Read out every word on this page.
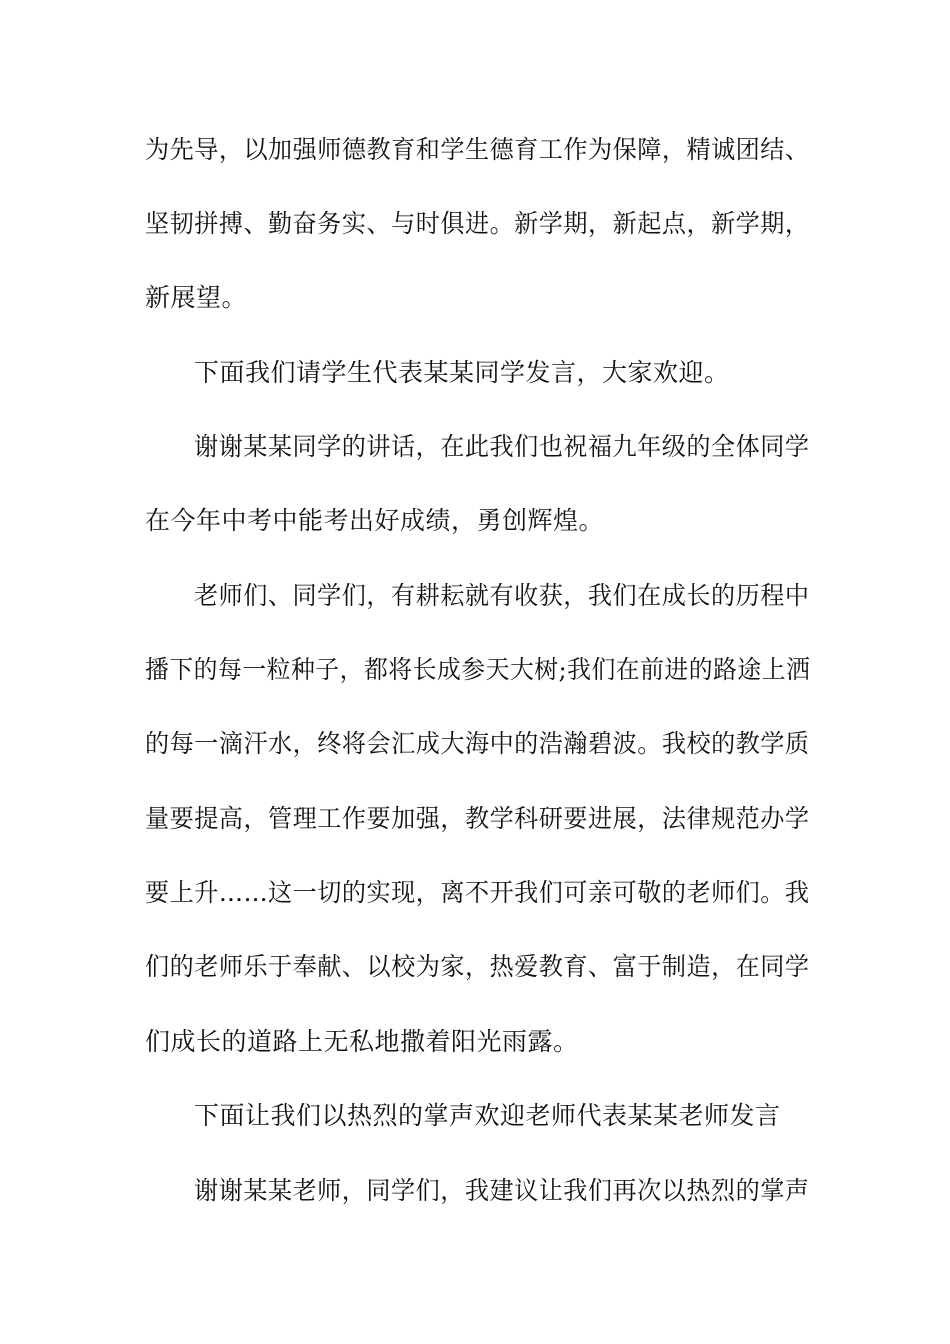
为先导，以加强师德教育和学生德育工作为保障，精诚团结、
坚韧拼搏、勤奋务实、与时俱进。新学期，新起点，新学期，
新展望。
下面我们请学生代表某某同学发言，大家欢迎。
谢谢某某同学的讲话，在此我们也祝福九年级的全体同学
在今年中考中能考出好成绩，勇创辉煌。
老师们、同学们，有耕耘就有收获，我们在成长的历程中
播下的每一粒种子，都将长成参天大树;我们在前进的路途上洒
的每一滴汗水，终将会汇成大海中的浩瀚碧波。我校的教学质
量要提高，管理工作要加强，教学科研要进展，法律规范办学
要上升……这一切的实现，离不开我们可亲可敬的老师们。我
们的老师乐于奉献、以校为家，热爱教育、富于制造，在同学
们成长的道路上无私地撒着阳光雨露。
下面让我们以热烈的掌声欢迎老师代表某某老师发言
谢谢某某老师，同学们，我建议让我们再次以热烈的掌声
